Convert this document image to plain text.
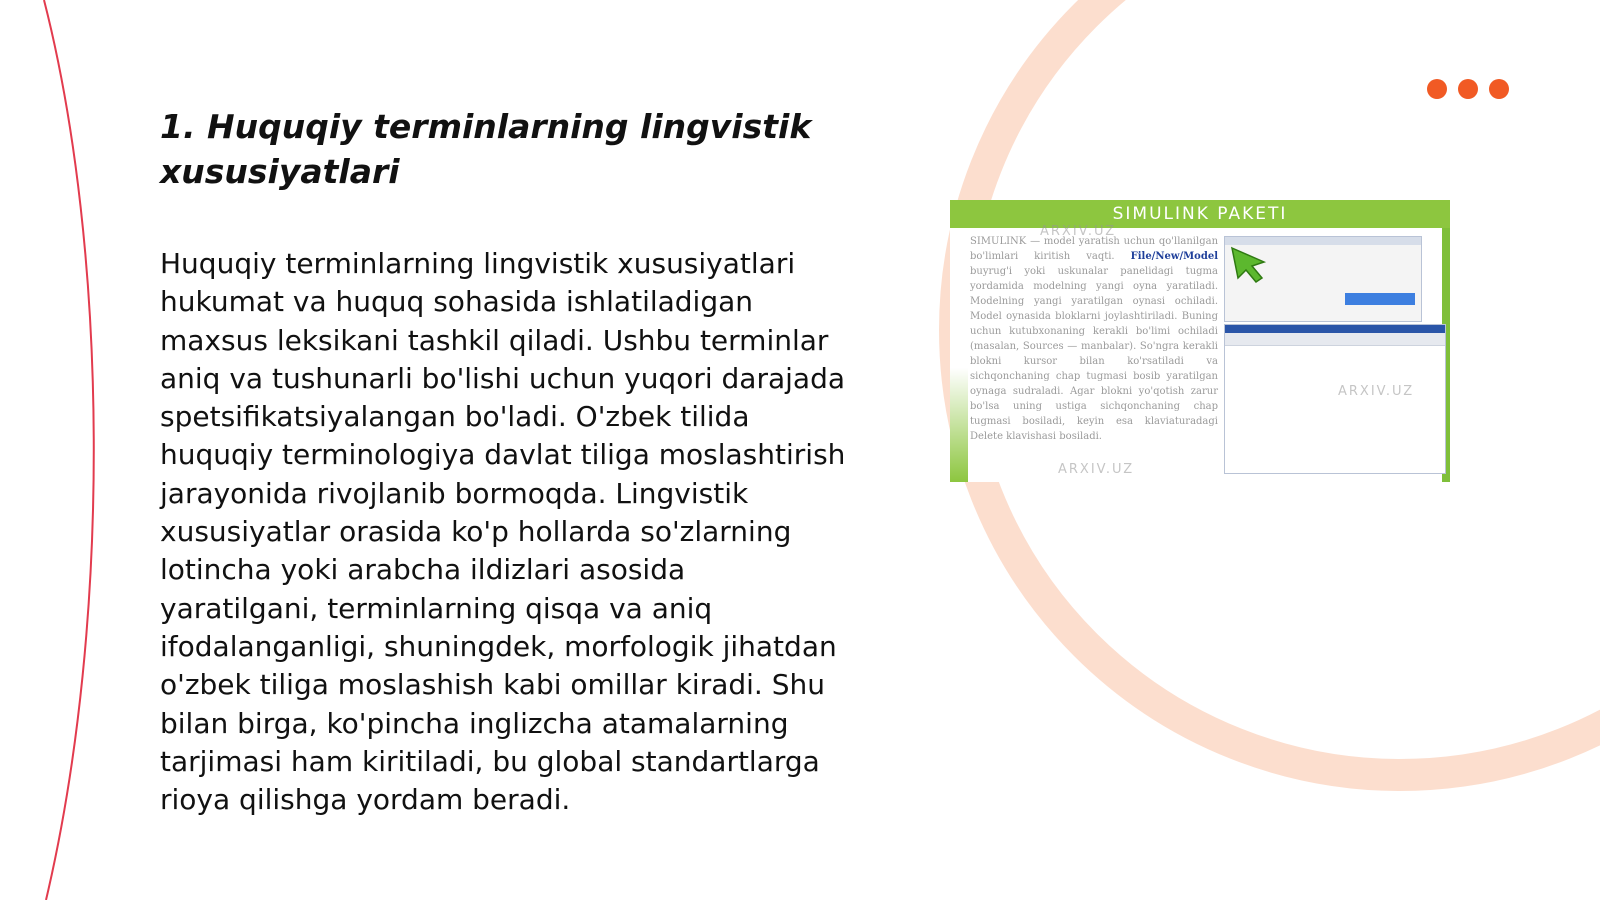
1. Huquqiy terminlarning lingvistik xususiyatlari

Huquqiy terminlarning lingvistik xususiyatlari hukumat va huquq sohasida ishlatiladigan maxsus leksikani tashkil qiladi. Ushbu terminlar aniq va tushunarli bo'lishi uchun yuqori darajada spetsifikatsiyalangan bo'ladi. O'zbek tilida huquqiy terminologiya davlat tiliga moslashtirish jarayonida rivojlanib bormoqda. Lingvistik xususiyatlar orasida ko'p hollarda so'zlarning lotincha yoki arabcha ildizlari asosida yaratilgani, terminlarning qisqa va aniq ifodalanganligi, shuningdek, morfologik jihatdan o'zbek tiliga moslashish kabi omillar kiradi. Shu bilan birga, ko'pincha inglizcha atamalarning tarjimasi ham kiritiladi, bu global standartlarga rioya qilishga yordam beradi.

SIMULINK PAKETI
SIMULINK — model yaratish uchun qo'llanilgan bo'limlari kiritish vaqti. File/New/Model buyrug'i yoki uskunalar panelidagi tugma yordamida modelning yangi oyna yaratiladi. Modelning yangi yaratilgan oynasi ochiladi. Model oynasida bloklarni joylashtiriladi. Buning uchun kutubxonaning kerakli bo'limi ochiladi (masalan, Sources — manbalar). So'ngra kerakli blokni kursor bilan ko'rsatiladi va sichqonchaning chap tugmasi bosib yaratilgan oynaga sudraladi. Agar blokni yo'qotish zarur bo'lsa uning ustiga sichqonchaning chap tugmasi bosiladi, keyin esa klaviaturadagi Delete klavishasi bosiladi.
ARXIV.UZ
ARXIV.UZ
ARXIV.UZ
